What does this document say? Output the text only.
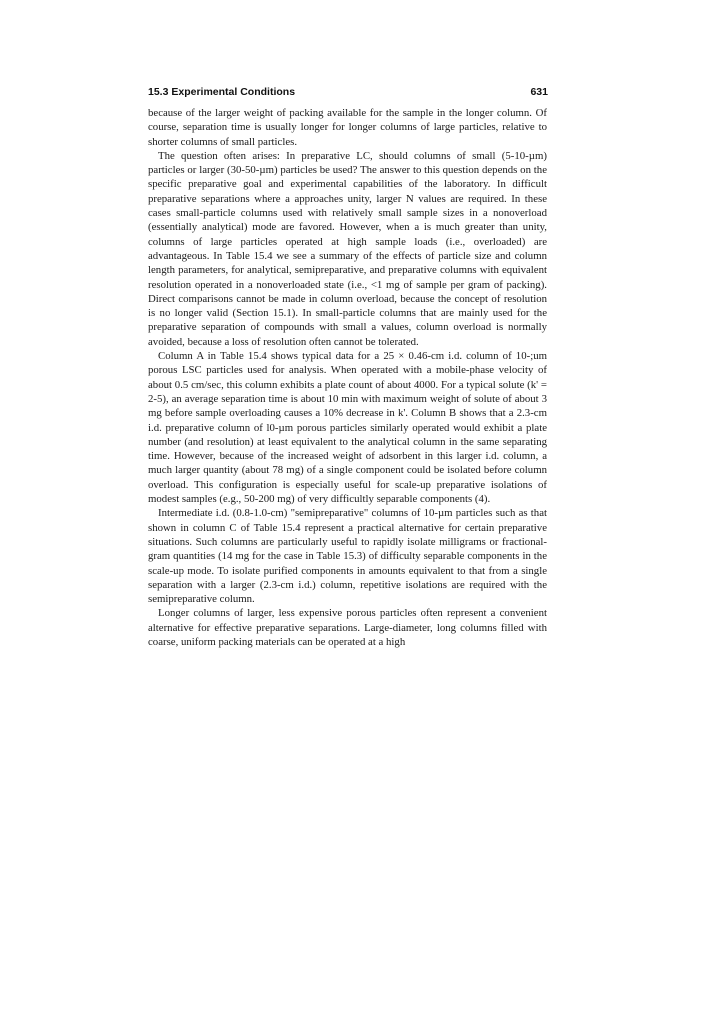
15.3 Experimental Conditions	631

because of the larger weight of packing available for the sample in the longer column. Of course, separation time is usually longer for longer columns of large particles, relative to shorter columns of small particles.

The question often arises: In preparative LC, should columns of small (5-10-µm) particles or larger (30-50-µm) particles be used? The answer to this question depends on the specific preparative goal and experimental capabilities of the laboratory. In difficult preparative separations where a approaches unity, larger N values are required. In these cases small-particle columns used with relatively small sample sizes in a nonoverload (essentially analytical) mode are favored. However, when a is much greater than unity, columns of large particles operated at high sample loads (i.e., overloaded) are advantageous. In Table 15.4 we see a summary of the effects of particle size and column length parameters, for analytical, semipreparative, and preparative columns with equivalent resolution operated in a nonoverloaded state (i.e., <1 mg of sample per gram of packing). Direct comparisons cannot be made in column overload, because the concept of resolution is no longer valid (Section 15.1). In small-particle columns that are mainly used for the preparative separation of compounds with small a values, column overload is normally avoided, because a loss of resolution often cannot be tolerated.

Column A in Table 15.4 shows typical data for a 25 × 0.46-cm i.d. column of 10-;um porous LSC particles used for analysis. When operated with a mobile-phase velocity of about 0.5 cm/sec, this column exhibits a plate count of about 4000. For a typical solute (k' = 2-5), an average separation time is about 10 min with maximum weight of solute of about 3 mg before sample overloading causes a 10% decrease in k'. Column B shows that a 2.3-cm i.d. preparative column of l0-µm porous particles similarly operated would exhibit a plate number (and resolution) at least equivalent to the analytical column in the same separating time. However, because of the increased weight of adsorbent in this larger i.d. column, a much larger quantity (about 78 mg) of a single component could be isolated before column overload. This configuration is especially useful for scale-up preparative isolations of modest samples (e.g., 50-200 mg) of very difficultly separable components (4).

Intermediate i.d. (0.8-1.0-cm) "semipreparative" columns of 10-µm particles such as that shown in column C of Table 15.4 represent a practical alternative for certain preparative situations. Such columns are particularly useful to rapidly isolate milligrams or fractional-gram quantities (14 mg for the case in Table 15.3) of difficulty separable components in the scale-up mode. To isolate purified components in amounts equivalent to that from a single separation with a larger (2.3-cm i.d.) column, repetitive isolations are required with the semipreparative column.

Longer columns of larger, less expensive porous particles often represent a convenient alternative for effective preparative separations. Large-diameter, long columns filled with coarse, uniform packing materials can be operated at a high
